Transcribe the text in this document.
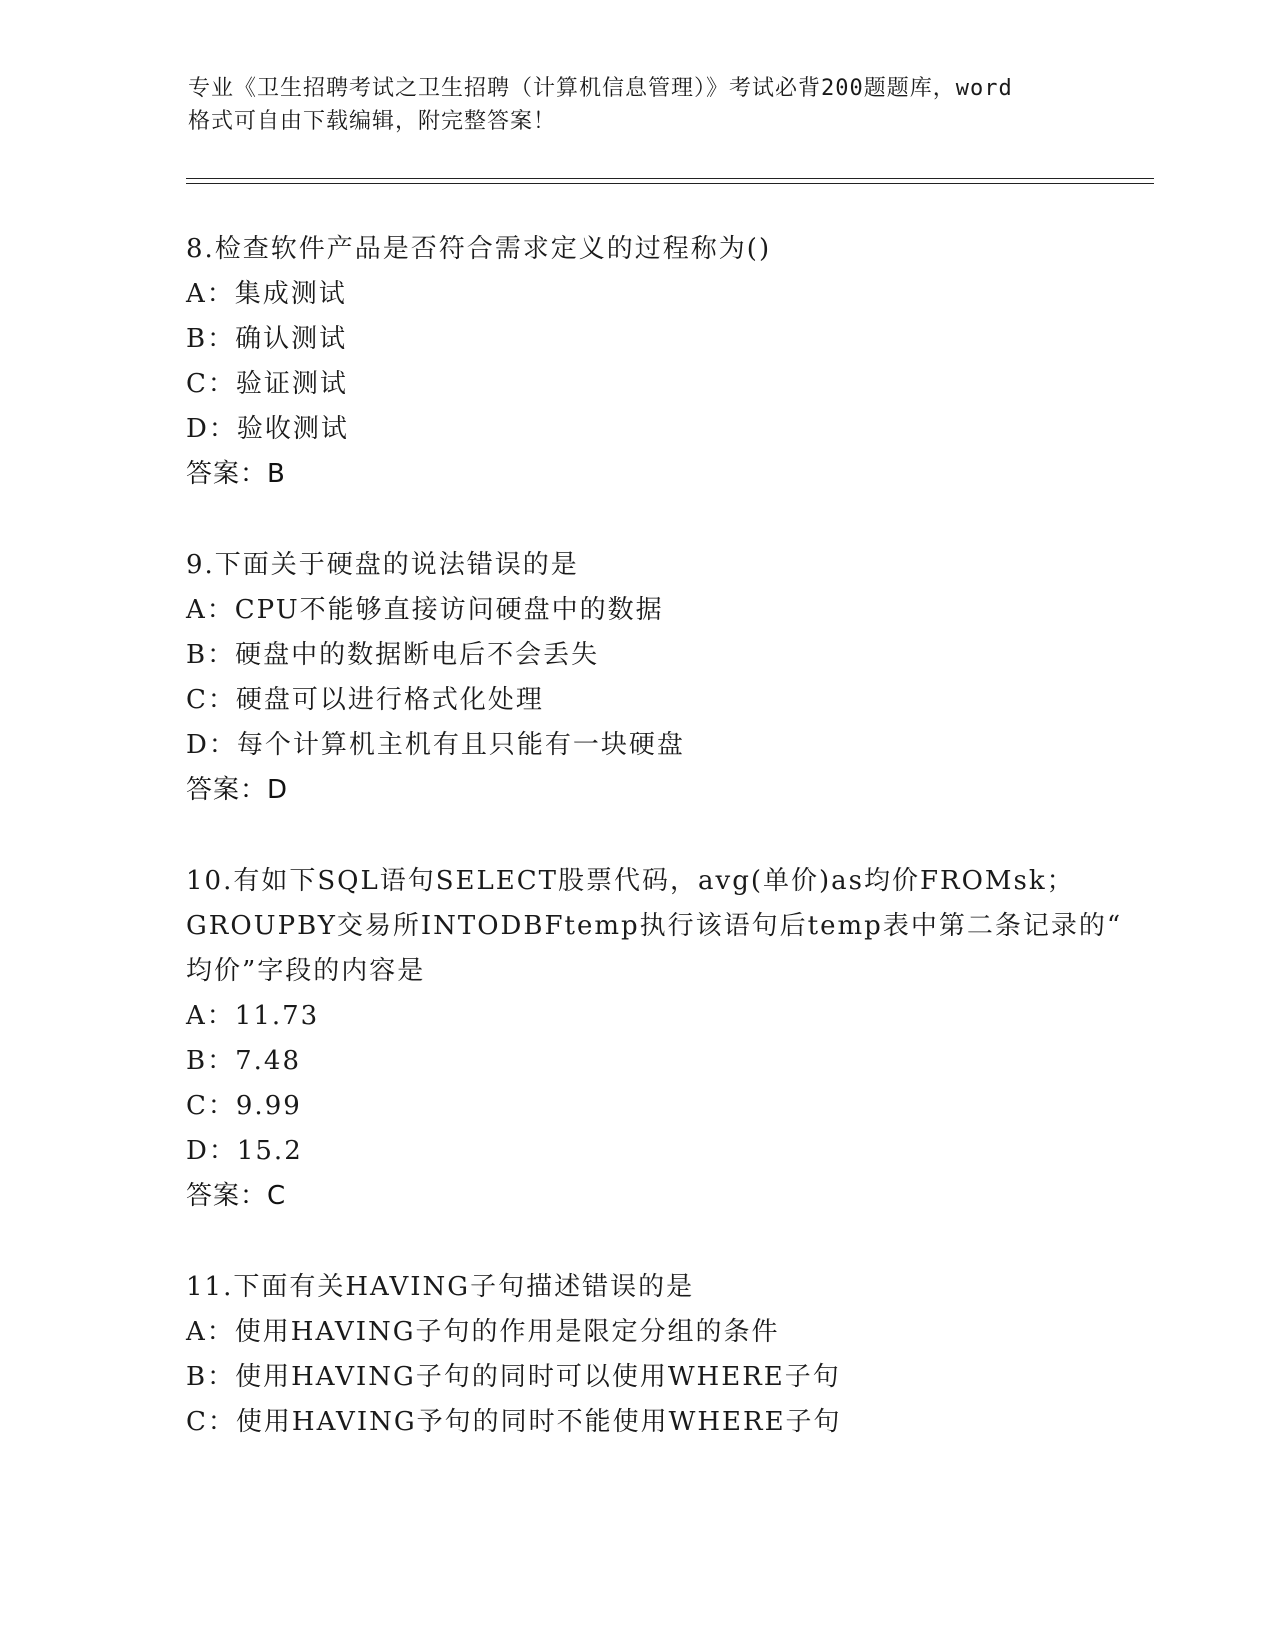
专业《卫生招聘考试之卫生招聘（计算机信息管理）》考试必背200题题库，word
格式可自由下载编辑，附完整答案！
8.检查软件产品是否符合需求定义的过程称为()
A：集成测试
B：确认测试
C：验证测试
D：验收测试
答案：B
9.下面关于硬盘的说法错误的是
A：CPU不能够直接访问硬盘中的数据
B：硬盘中的数据断电后不会丢失
C：硬盘可以进行格式化处理
D：每个计算机主机有且只能有一块硬盘
答案：D
10.有如下SQL语句SELECT股票代码，avg(单价)as均价FROMsk；
GROUPBY交易所INTODBFtemp执行该语句后temp表中第二条记录的“
均价”字段的内容是
A：11.73
B：7.48
C：9.99
D：15.2
答案：C
11.下面有关HAVING子句描述错误的是
A：使用HAVING子句的作用是限定分组的条件
B：使用HAVING子句的同时可以使用WHERE子句
C：使用HAVING予句的同时不能使用WHERE子句
